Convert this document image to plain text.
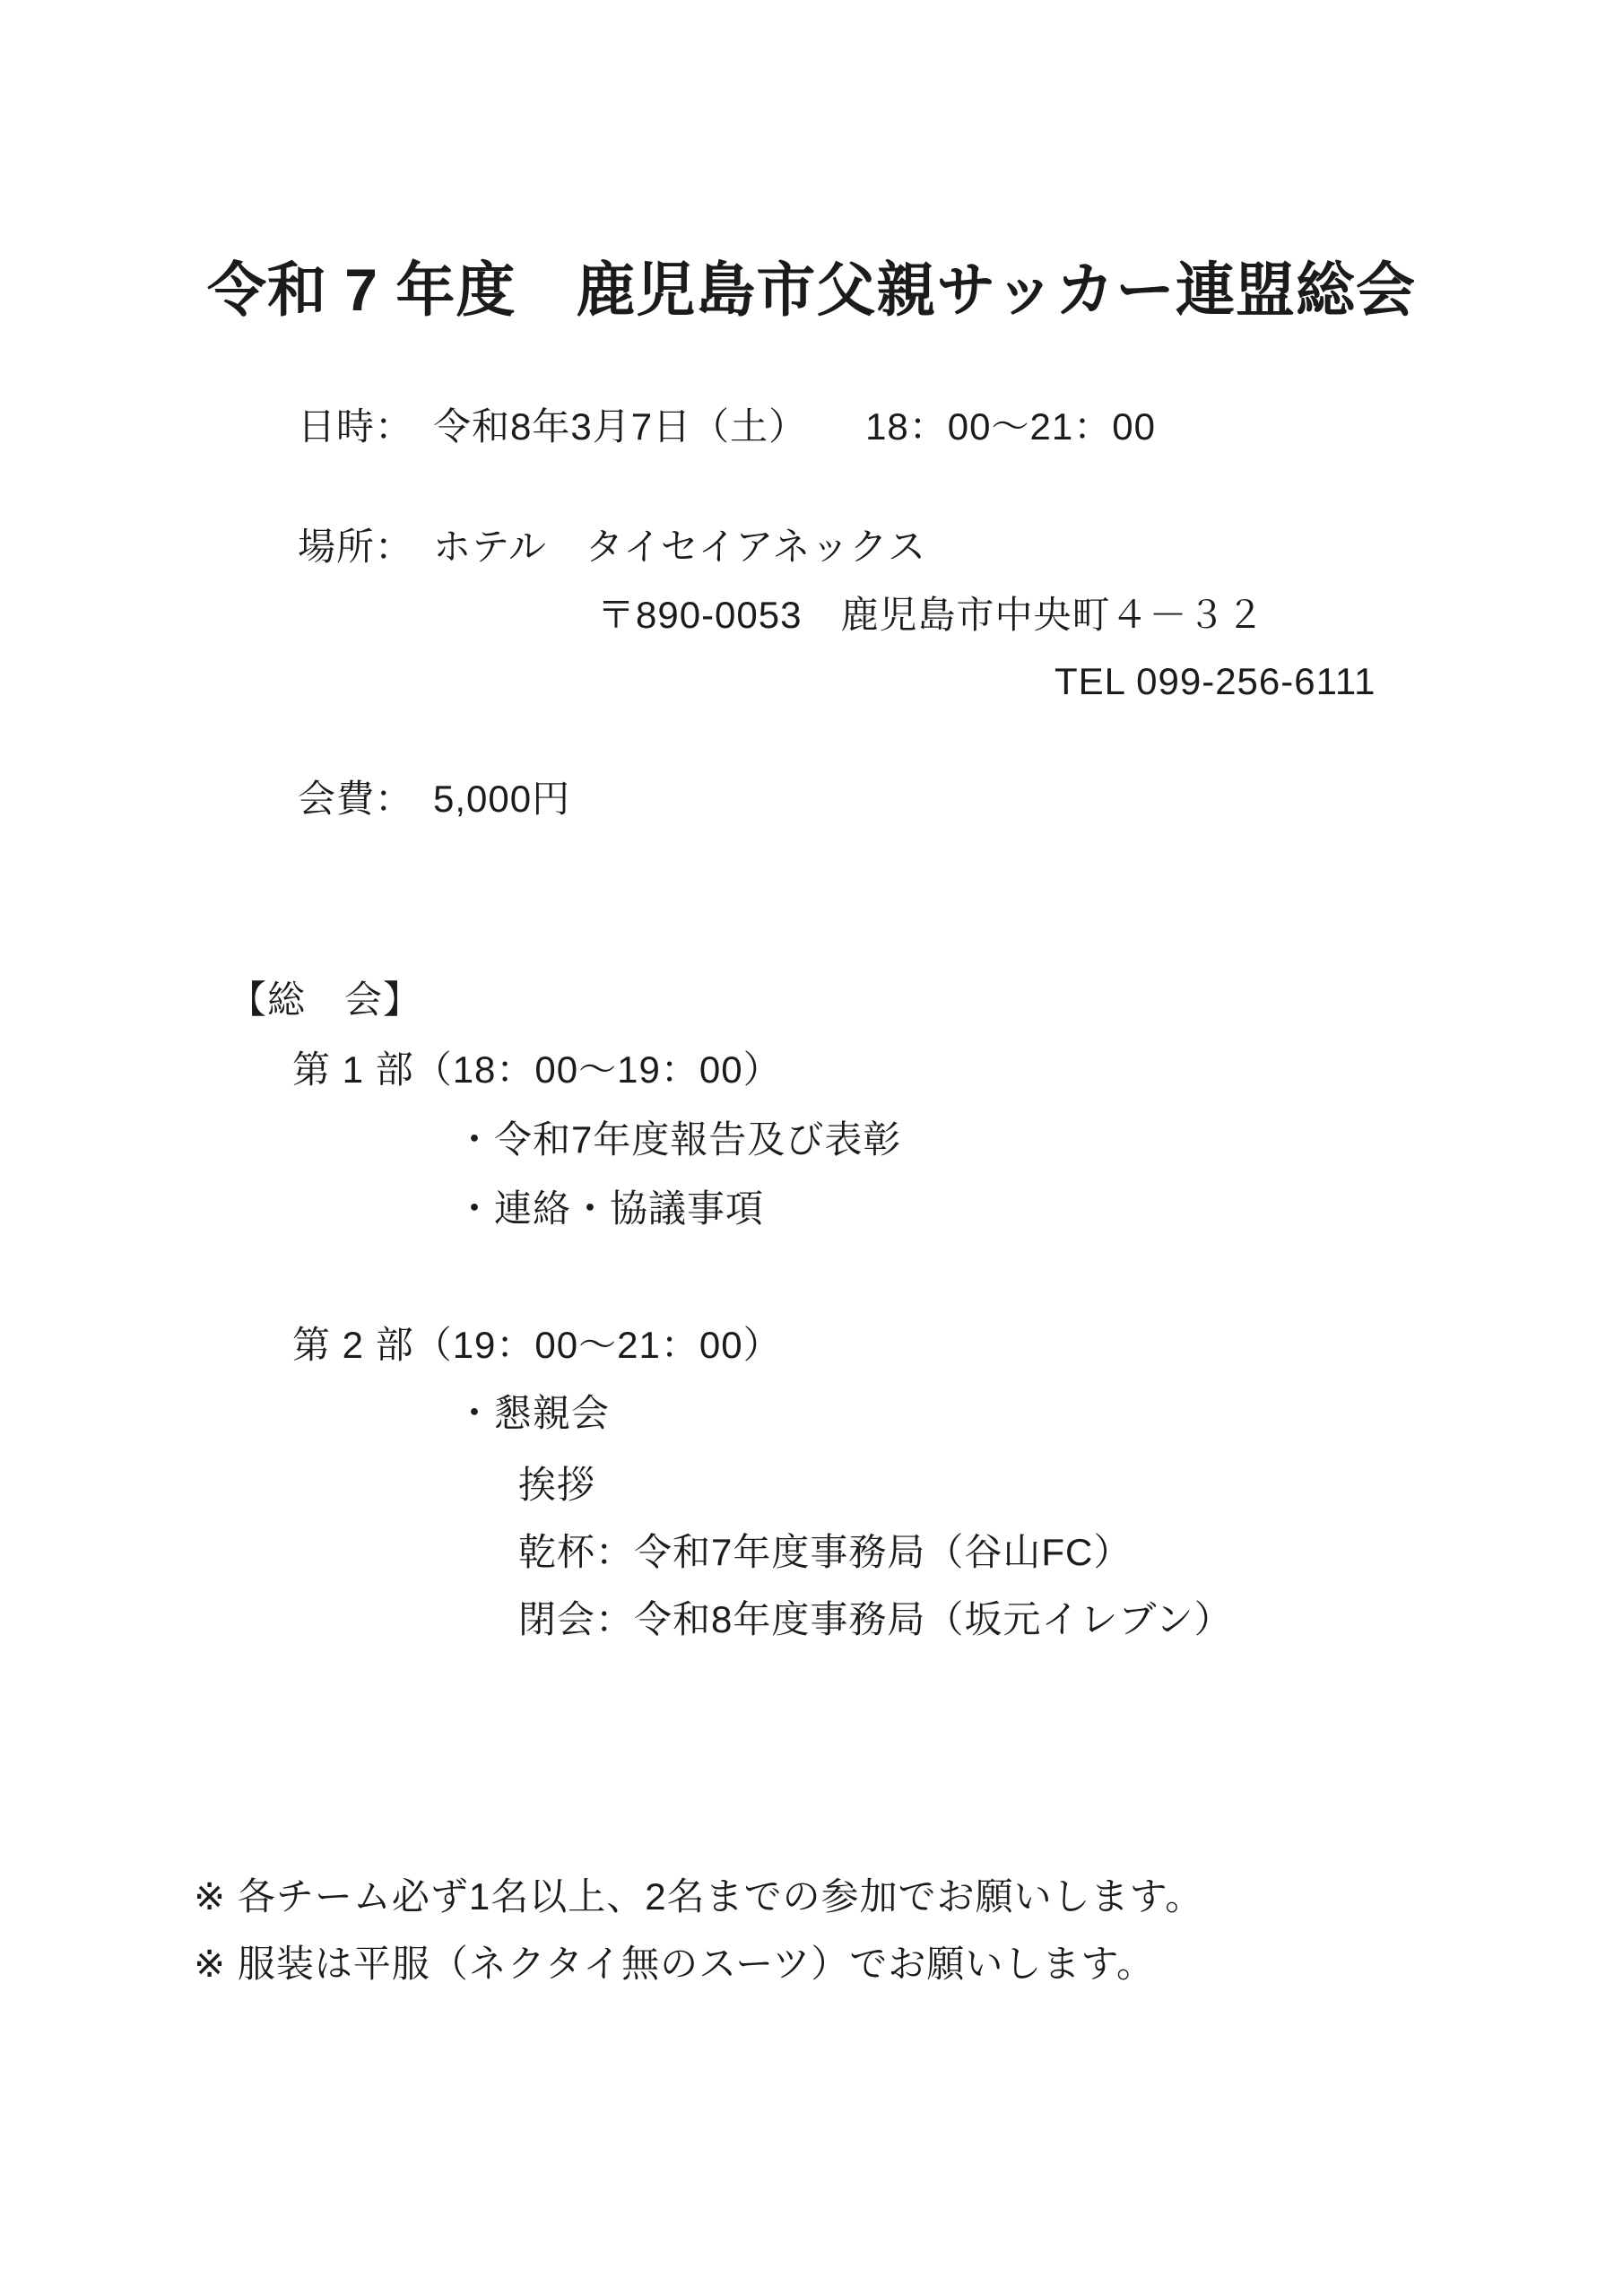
令和 7 年度　鹿児島市父親サッカー連盟総会
日時：　令和8年3月7日（土）　　18：00～21：00
場所：　ホテル　タイセイアネックス
〒890-0053　鹿児島市中央町４－３２
TEL 099-256-6111
会費：　5,000円
【総　会】
第 1 部（18：00～19：00）
・令和7年度報告及び表彰
・連絡・協議事項
第 2 部（19：00～21：00）
・懇親会
挨拶
乾杯：令和7年度事務局（谷山FC）
閉会：令和8年度事務局（坂元イレブン）
※ 各チーム必ず1名以上、2名までの参加でお願いします。
※ 服装は平服（ネクタイ無のスーツ）でお願いします。
